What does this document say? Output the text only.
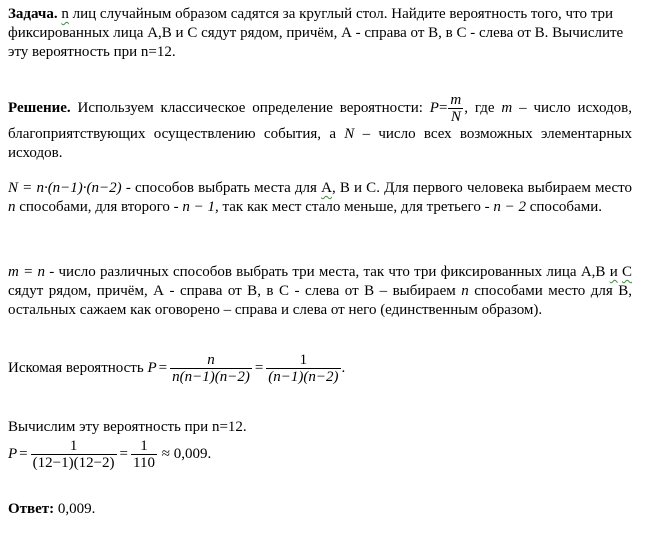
Задача. n лиц случайным образом садятся за круглый стол. Найдите вероятность того, что три фиксированных лица А,В и С сядут рядом, причём, А - справа от В, в С - слева от В. Вычислите эту вероятность при n=12.
Решение. Используем классическое определение вероятности: $P= \frac{m}{N}$ , где m – число исходов, благоприятствующих осуществлению события, а N – число всех возможных элементарных исходов.
N = n·(n−1)·(n−2) - способов выбрать места для А, В и С. Для первого человека выбираем место n способами, для второго - n − 1, так как мест стало меньше, для третьего - n − 2 способами.
m = n - число различных способов выбрать три места, так что три фиксированных лица А,В и С сядут рядом, причём, А - справа от В, в С - слева от В – выбираем n способами место для В, остальных сажаем как оговорено – справа и слева от него (единственным образом).
Искомая вероятность $P = \frac{n}{n(n-1)(n-2)} = \frac{1}{(n-1)(n-2)}$ .
Вычислим эту вероятность при n=12.
$P = \frac{1}{(12-1)(12-2)} = \frac{1}{110} \approx 0,009$.
Ответ: 0,009.
